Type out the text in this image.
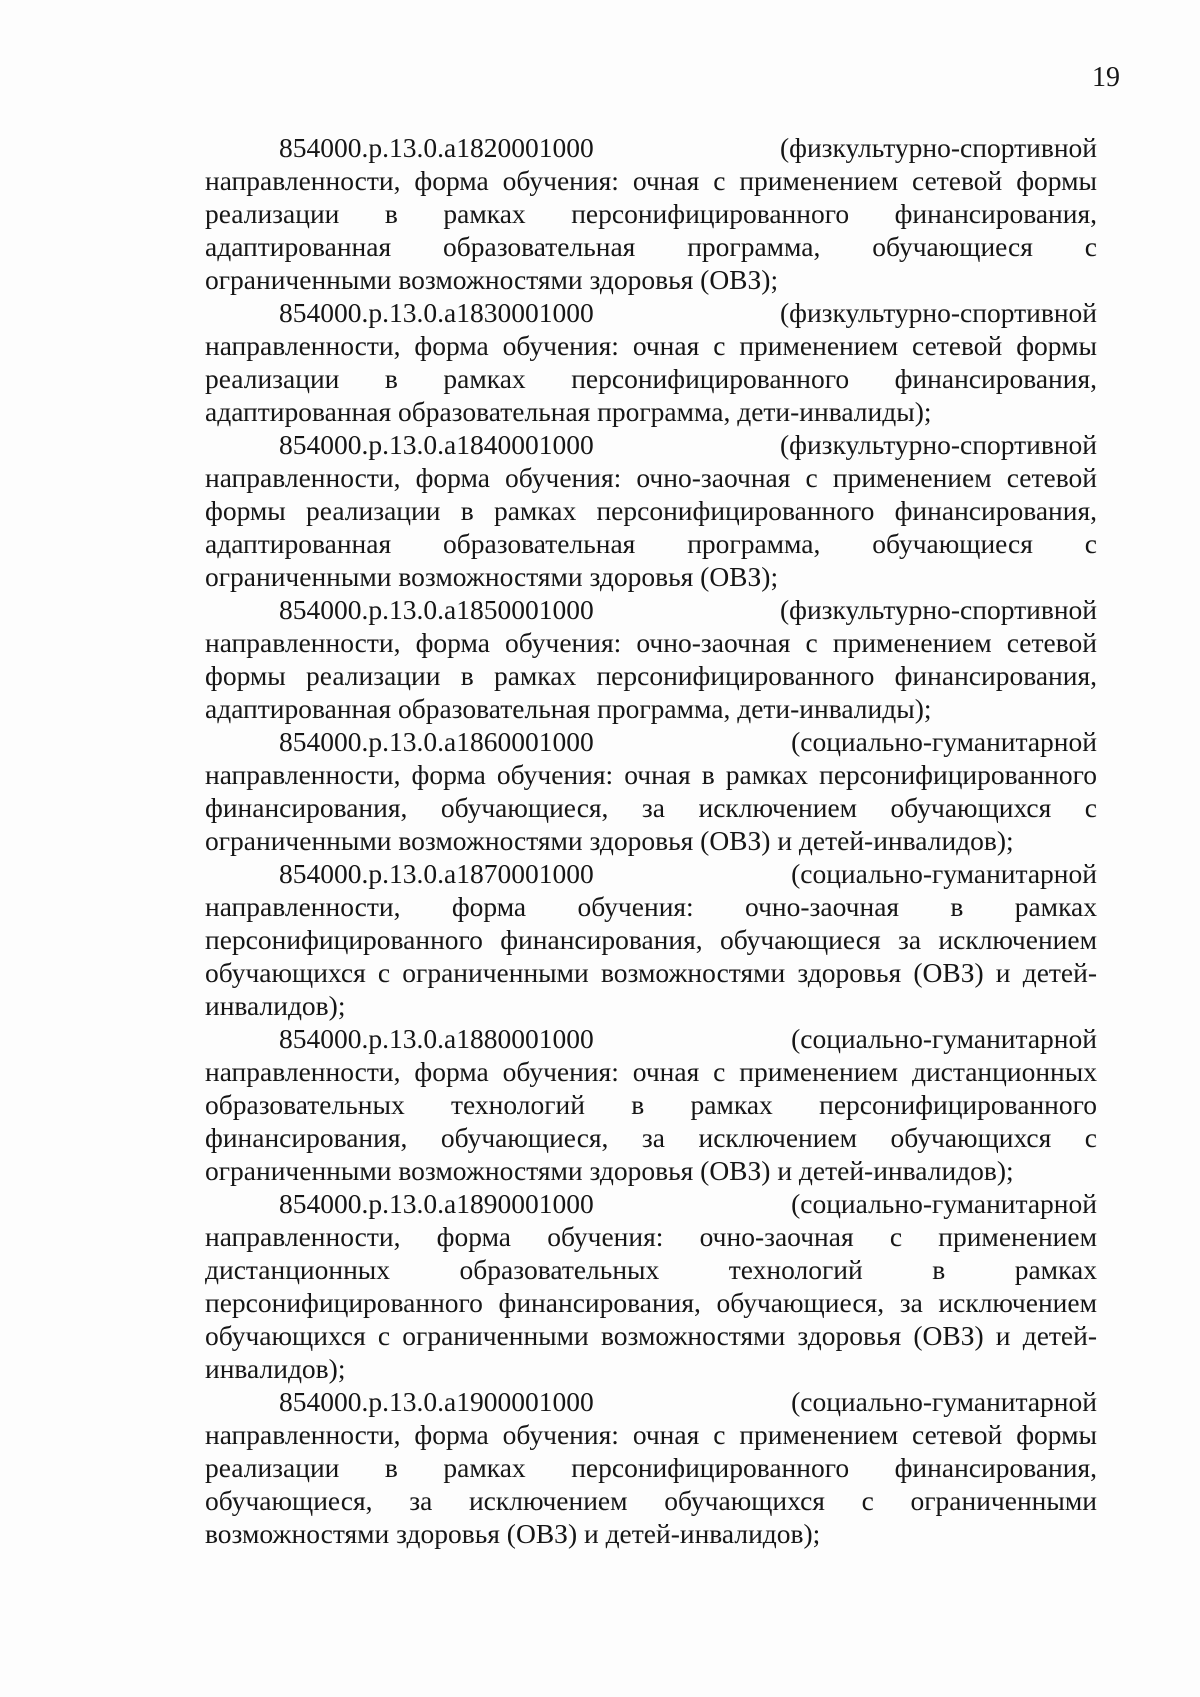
19

854000.р.13.0.а1820001000	(физкультурно-спортивной направленности, форма обучения: очная с применением сетевой формы реализации в рамках персонифицированного финансирования, адаптированная образовательная программа, обучающиеся с ограниченными возможностями здоровья (ОВЗ);

854000.р.13.0.а1830001000	(физкультурно-спортивной направленности, форма обучения: очная с применением сетевой формы реализации в рамках персонифицированного финансирования, адаптированная образовательная программа, дети-инвалиды);

854000.р.13.0.а1840001000	(физкультурно-спортивной направленности, форма обучения: очно-заочная с применением сетевой формы реализации в рамках персонифицированного финансирования, адаптированная образовательная программа, обучающиеся с ограниченными возможностями здоровья (ОВЗ);

854000.р.13.0.а1850001000	(физкультурно-спортивной направленности, форма обучения: очно-заочная с применением сетевой формы реализации в рамках персонифицированного финансирования, адаптированная образовательная программа, дети-инвалиды);

854000.р.13.0.а1860001000	(социально-гуманитарной направленности, форма обучения: очная в рамках персонифицированного финансирования, обучающиеся, за исключением обучающихся с ограниченными возможностями здоровья (ОВЗ) и детей-инвалидов);

854000.р.13.0.а1870001000	(социально-гуманитарной направленности, форма обучения: очно-заочная в рамках персонифицированного финансирования, обучающиеся за исключением обучающихся с ограниченными возможностями здоровья (ОВЗ) и детей-инвалидов);

854000.р.13.0.а1880001000	(социально-гуманитарной направленности, форма обучения: очная с применением дистанционных образовательных технологий в рамках персонифицированного финансирования, обучающиеся, за исключением обучающихся с ограниченными возможностями здоровья (ОВЗ) и детей-инвалидов);

854000.р.13.0.а1890001000	(социально-гуманитарной направленности, форма обучения: очно-заочная с применением дистанционных образовательных технологий в рамках персонифицированного финансирования, обучающиеся, за исключением обучающихся с ограниченными возможностями здоровья (ОВЗ) и детей-инвалидов);

854000.р.13.0.а1900001000	(социально-гуманитарной направленности, форма обучения: очная с применением сетевой формы реализации в рамках персонифицированного финансирования, обучающиеся, за исключением обучающихся с ограниченными возможностями здоровья (ОВЗ) и детей-инвалидов);
